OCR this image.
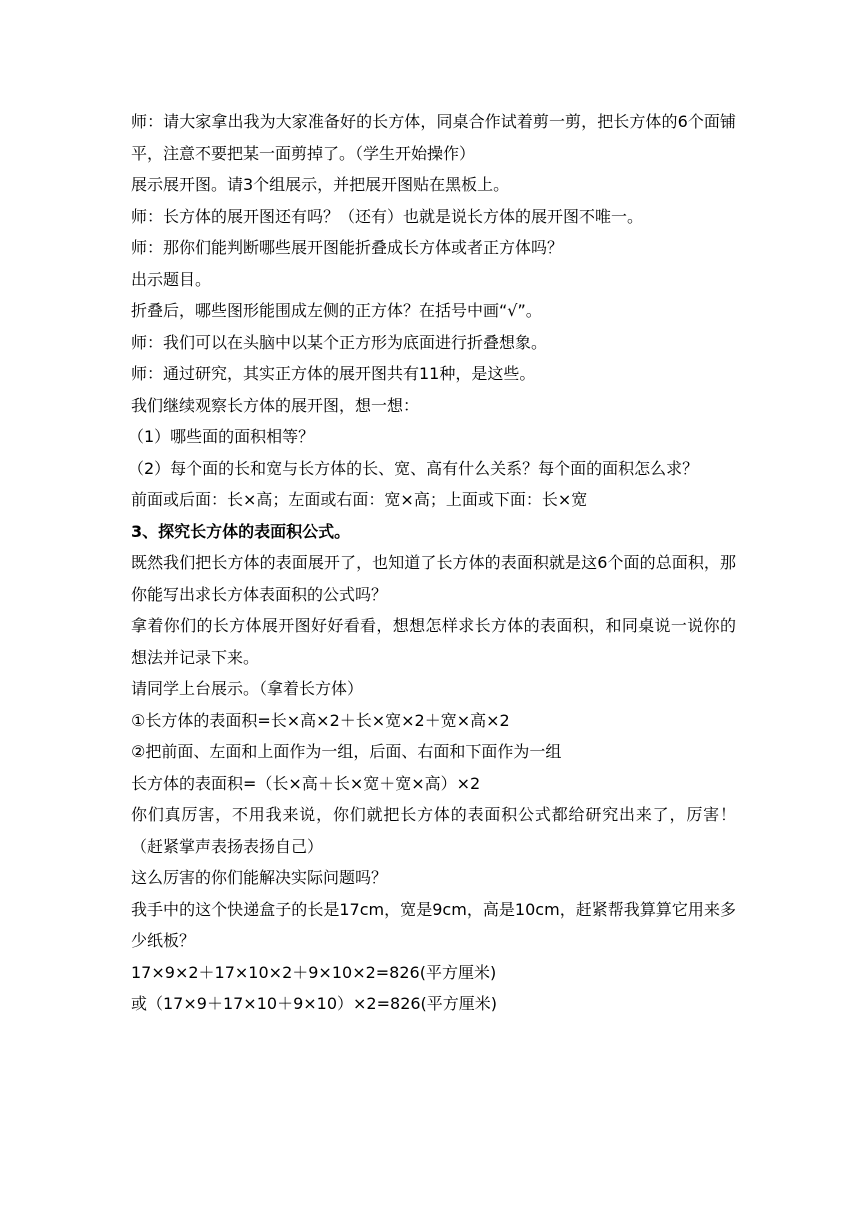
师：请大家拿出我为大家准备好的长方体，同桌合作试着剪一剪，把长方体的6个面铺平，注意不要把某一面剪掉了。（学生开始操作）
展示展开图。请3个组展示，并把展开图贴在黑板上。
师：长方体的展开图还有吗？（还有）也就是说长方体的展开图不唯一。
师：那你们能判断哪些展开图能折叠成长方体或者正方体吗？
出示题目。
折叠后，哪些图形能围成左侧的正方体？在括号中画“√”。
师：我们可以在头脑中以某个正方形为底面进行折叠想象。
师：通过研究，其实正方体的展开图共有11种，是这些。
我们继续观察长方体的展开图，想一想：
（1）哪些面的面积相等？
（2）每个面的长和宽与长方体的长、宽、高有什么关系？每个面的面积怎么求？
前面或后面：长×高；左面或右面：宽×高；上面或下面：长×宽
3、探究长方体的表面积公式。
既然我们把长方体的表面展开了，也知道了长方体的表面积就是这6个面的总面积，那你能写出求长方体表面积的公式吗？
拿着你们的长方体展开图好好看看，想想怎样求长方体的表面积，和同桌说一说你的想法并记录下来。
请同学上台展示。（拿着长方体）
①长方体的表面积=长×高×2＋长×宽×2＋宽×高×2
②把前面、左面和上面作为一组，后面、右面和下面作为一组
长方体的表面积=（长×高＋长×宽＋宽×高）×2
你们真厉害，不用我来说，你们就把长方体的表面积公式都给研究出来了，厉害！（赶紧掌声表扬表扬自己）
这么厉害的你们能解决实际问题吗？
我手中的这个快递盒子的长是17cm，宽是9cm，高是10cm，赶紧帮我算算它用来多少纸板？
17×9×2＋17×10×2＋9×10×2=826(平方厘米)
或（17×9＋17×10＋9×10）×2=826(平方厘米)
